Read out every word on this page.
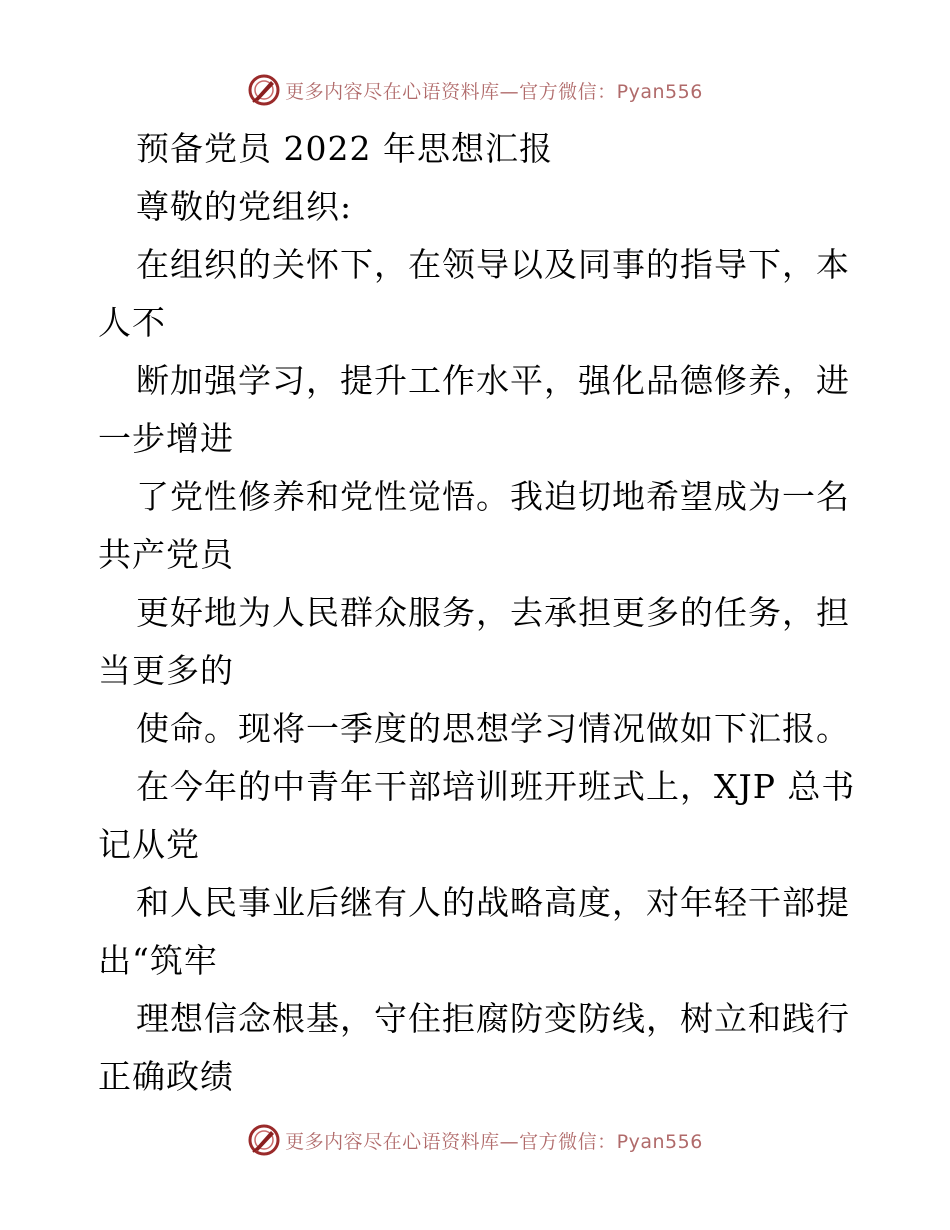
更多内容尽在心语资料库—官方微信：Pyan556
预备党员 2022 年思想汇报
尊敬的党组织:
在组织的关怀下，在领导以及同事的指导下，本
人不
断加强学习，提升工作水平，强化品德修养，进
一步增进
了党性修养和党性觉悟。我迫切地希望成为一名
共产党员
更好地为人民群众服务，去承担更多的任务，担
当更多的
使命。现将一季度的思想学习情况做如下汇报。
在今年的中青年干部培训班开班式上，XJP 总书
记从党
和人民事业后继有人的战略高度，对年轻干部提
出“筑牢
理想信念根基，守住拒腐防变防线，树立和践行
正确政绩
更多内容尽在心语资料库—官方微信：Pyan556
